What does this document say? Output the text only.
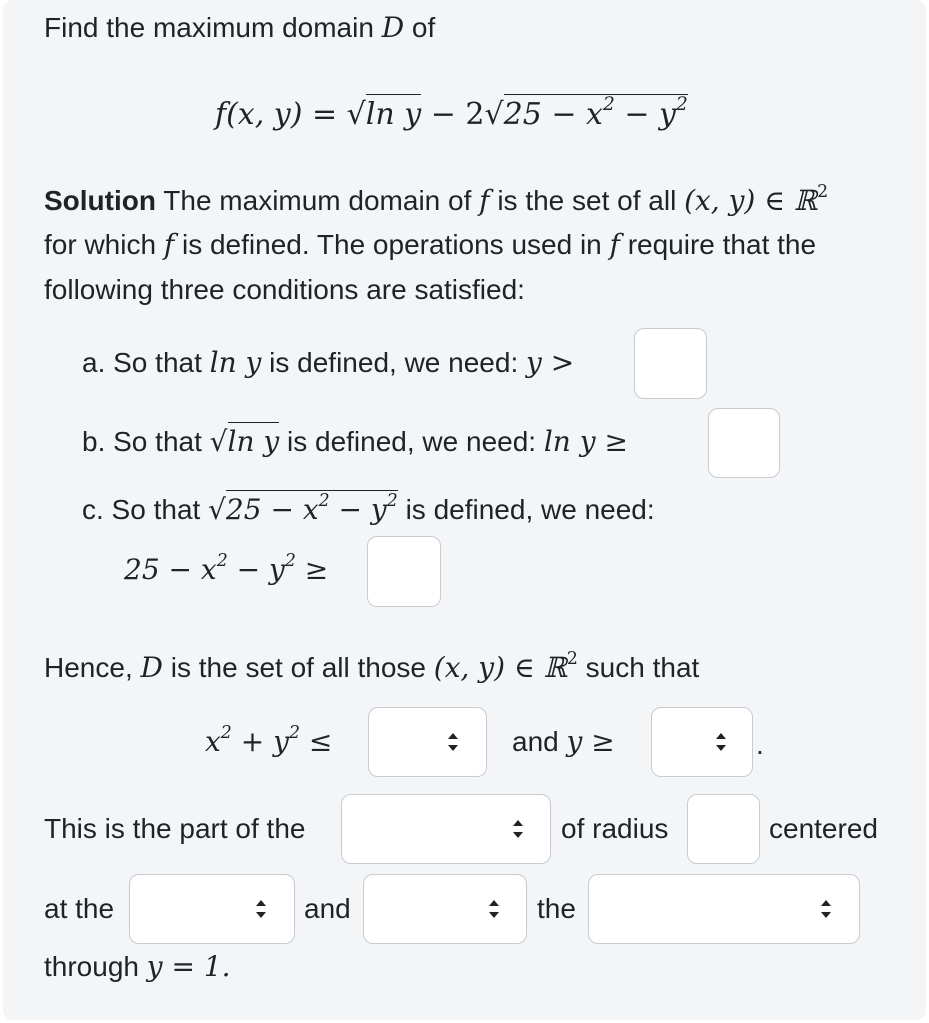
Find the maximum domain D of
f(x, y) = √ln $y - 2√25 - x^2 - y^2$
Solution The maximum domain of f is the set of all (x, y) ∈ ℝ$^2$
for which f is defined. The operations used in f require that the
following three conditions are satisfied:
a. So that ln y is defined, we need: y >
b. So that √ln y is defined, we need: ln y ≥
c. So that $√25 - x^2 - y^2$ is defined, we need:
$25 - x^2 - y^2$ ≥
Hence, D is the set of all those (x, y) ∈ ℝ$^2$ such that
$x^2 + y^2$ ≤	and y ≥	.
This is the part of the	of radius	centered
at the	and	the
through y = 1.
